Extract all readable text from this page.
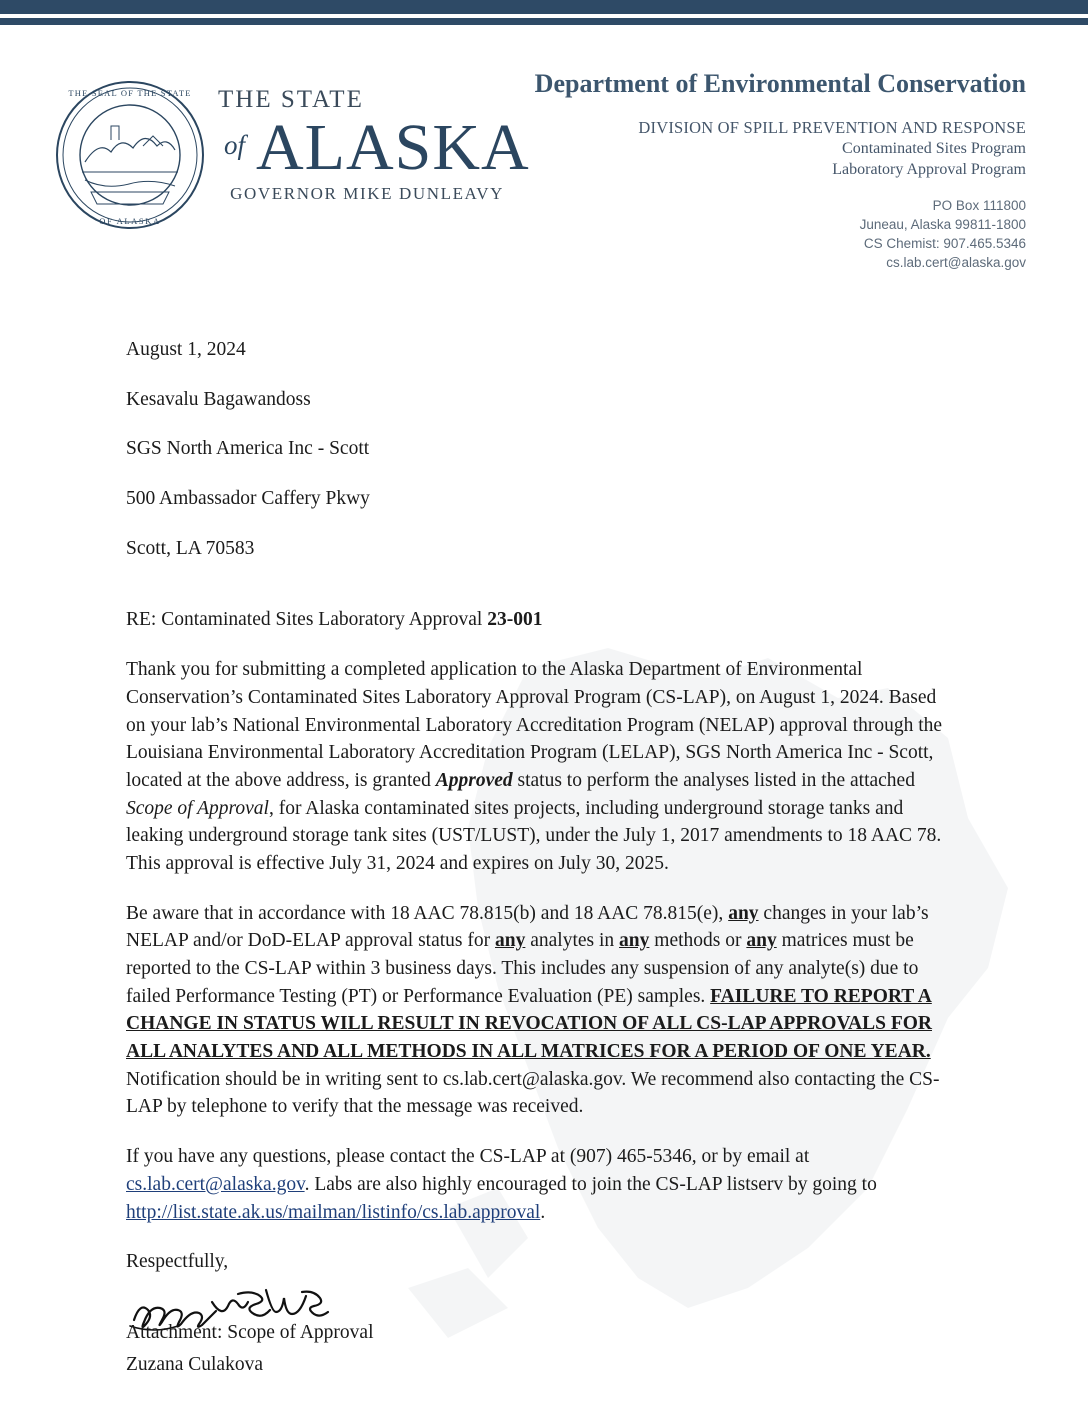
THE SEAL OF THE STATE
OF ALASKA
THE STATE
of ALASKA
GOVERNOR MIKE DUNLEAVY
Department of Environmental Conservation
DIVISION OF SPILL PREVENTION AND RESPONSE
Contaminated Sites Program
Laboratory Approval Program
PO Box 111800
Juneau, Alaska 99811-1800
CS Chemist: 907.465.5346
cs.lab.cert@alaska.gov

August 1, 2024

Kesavalu Bagawandoss

SGS North America Inc - Scott

500 Ambassador Caffery Pkwy

Scott, LA 70583

RE: Contaminated Sites Laboratory Approval 23-001

Thank you for submitting a completed application to the Alaska Department of Environmental Conservation’s Contaminated Sites Laboratory Approval Program (CS-LAP), on August 1, 2024. Based on your lab’s National Environmental Laboratory Accreditation Program (NELAP) approval through the Louisiana Environmental Laboratory Accreditation Program (LELAP), SGS North America Inc - Scott, located at the above address, is granted Approved status to perform the analyses listed in the attached Scope of Approval, for Alaska contaminated sites projects, including underground storage tanks and leaking underground storage tank sites (UST/LUST), under the July 1, 2017 amendments to 18 AAC 78. This approval is effective July 31, 2024 and expires on July 30, 2025.

Be aware that in accordance with 18 AAC 78.815(b) and 18 AAC 78.815(e), any changes in your lab’s NELAP and/or DoD-ELAP approval status for any analytes in any methods or any matrices must be reported to the CS-LAP within 3 business days. This includes any suspension of any analyte(s) due to failed Performance Testing (PT) or Performance Evaluation (PE) samples. FAILURE TO REPORT A CHANGE IN STATUS WILL RESULT IN REVOCATION OF ALL CS-LAP APPROVALS FOR ALL ANALYTES AND ALL METHODS IN ALL MATRICES FOR A PERIOD OF ONE YEAR. Notification should be in writing sent to cs.lab.cert@alaska.gov. We recommend also contacting the CS-LAP by telephone to verify that the message was received.

If you have any questions, please contact the CS-LAP at (907) 465-5346, or by email at cs.lab.cert@alaska.gov. Labs are also highly encouraged to join the CS-LAP listserv by going to http://list.state.ak.us/mailman/listinfo/cs.lab.approval.

Respectfully,

Zuzana Culakova

Attachment: Scope of Approval
